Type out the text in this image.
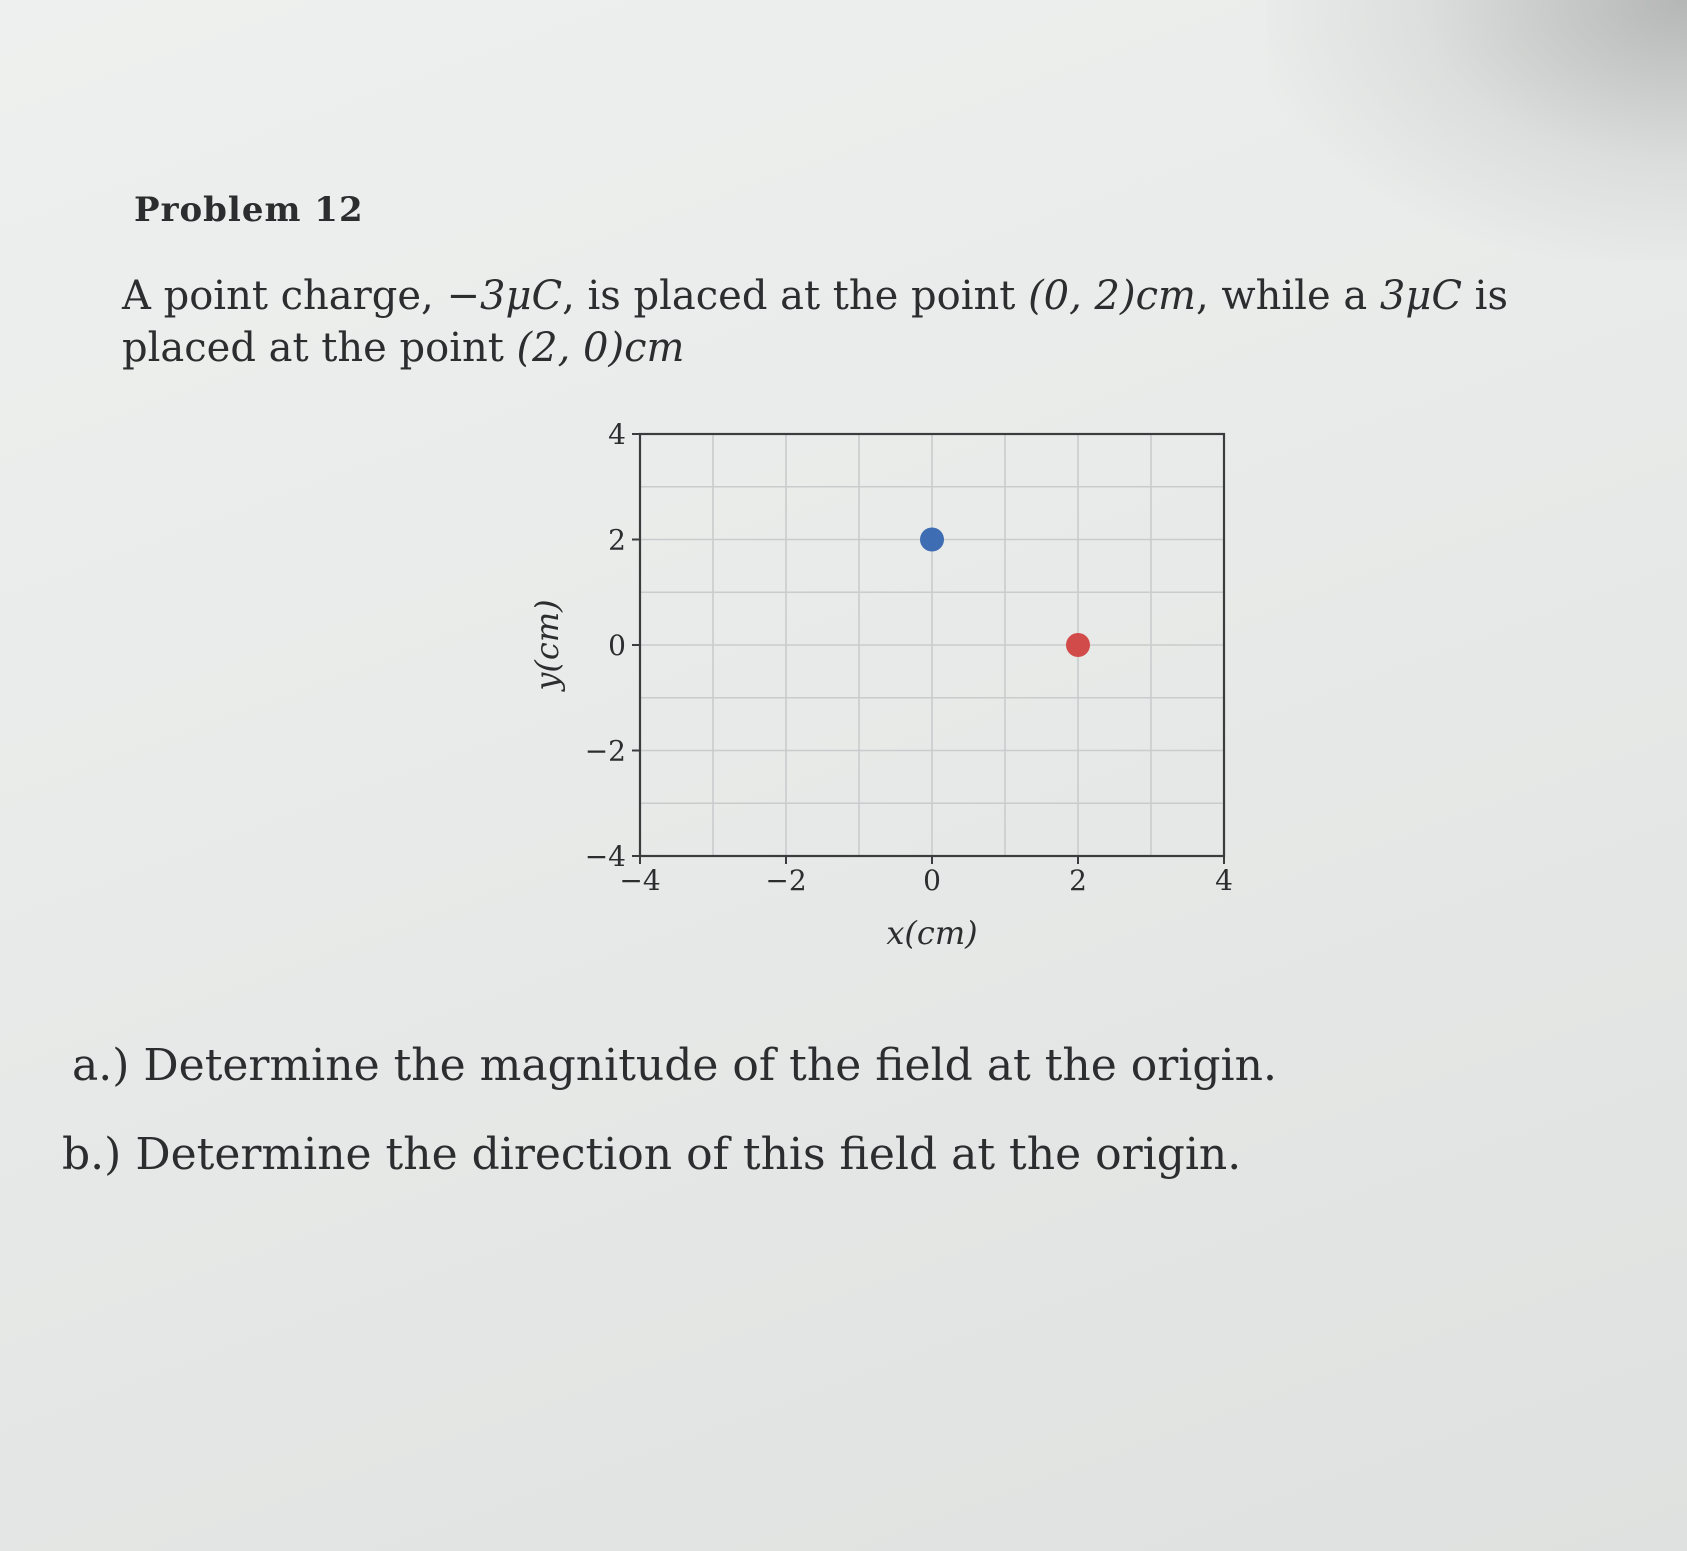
Problem 12

A point charge, −3μC, is placed at the point (0, 2)cm, while a 3μC is
placed at the point (2, 0)cm

−4	−2	0	2	4
−4
−2
0
2
4
x(cm)
y(cm)
a.) Determine the magnitude of the field at the origin.
b.) Determine the direction of this field at the origin.
